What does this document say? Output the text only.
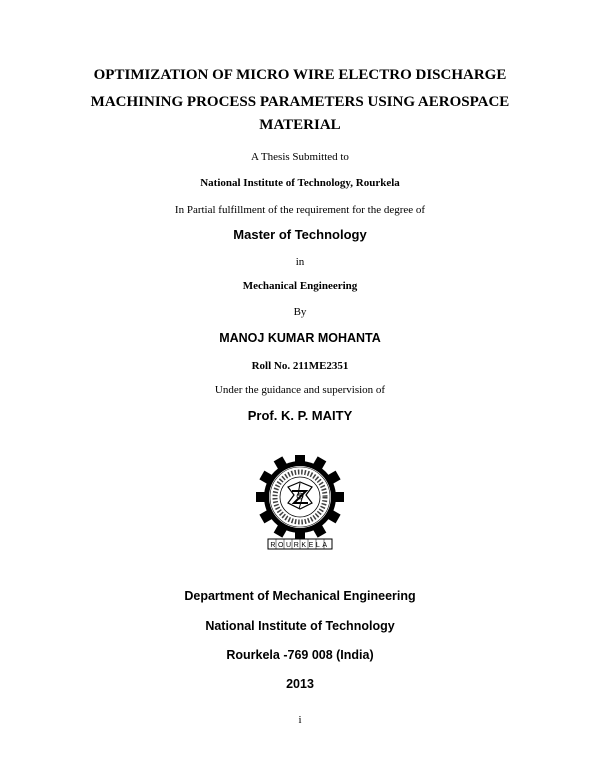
OPTIMIZATION OF MICRO WIRE ELECTRO DISCHARGE
MACHINING PROCESS PARAMETERS USING AEROSPACE
MATERIAL
A Thesis Submitted to
National Institute of Technology, Rourkela
In Partial fulfillment of the requirement for the degree of
Master of Technology
in
Mechanical Engineering
By
MANOJ KUMAR MOHANTA
Roll No. 211ME2351
Under the guidance and supervision of
Prof. K. P. MAITY
ROURKELA
Department of Mechanical Engineering
National Institute of Technology
Rourkela -769 008 (India)
2013
i
